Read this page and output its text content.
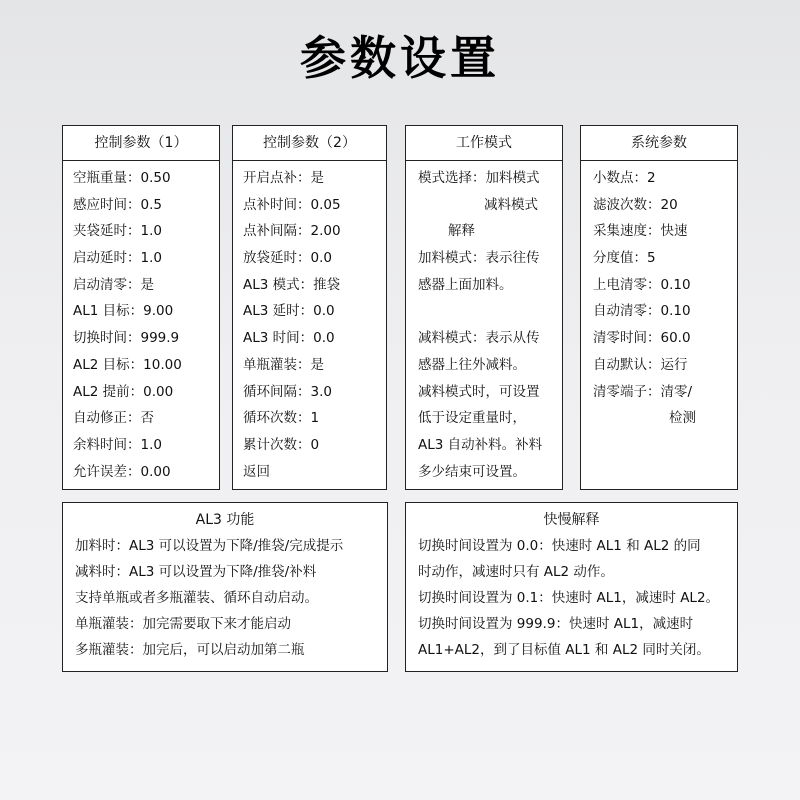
参数设置
控制参数（1）
空瓶重量：0.50
感应时间：0.5
夹袋延时：1.0
启动延时：1.0
启动清零：是
AL1 目标：9.00
切换时间：999.9
AL2 目标：10.00
AL2 提前：0.00
自动修正：否
余料时间：1.0
允许误差：0.00
控制参数（2）
开启点补：是
点补时间：0.05
点补间隔：2.00
放袋延时：0.0
AL3 模式：推袋
AL3 延时：0.0
AL3 时间：0.0
单瓶灌装：是
循环间隔：3.0
循环次数：1
累计次数：0
返回
工作模式
模式选择：加料模式
减料模式
解释
加料模式：表示往传
感器上面加料。
减料模式：表示从传
感器上往外减料。
减料模式时，可设置
低于设定重量时，
AL3 自动补料。补料
多少结束可设置。
系统参数
小数点：2
滤波次数：20
采集速度：快速
分度值：5
上电清零：0.10
自动清零：0.10
清零时间：60.0
自动默认：运行
清零端子：清零/
检测
AL3 功能
加料时：AL3 可以设置为下降/推袋/完成提示
减料时：AL3 可以设置为下降/推袋/补料
支持单瓶或者多瓶灌装、循环自动启动。
单瓶灌装：加完需要取下来才能启动
多瓶灌装：加完后，可以启动加第二瓶
快慢解释
切换时间设置为 0.0：快速时 AL1 和 AL2 的同
时动作，减速时只有 AL2 动作。
切换时间设置为 0.1：快速时 AL1，减速时 AL2。
切换时间设置为 999.9：快速时 AL1，减速时
AL1+AL2，到了目标值 AL1 和 AL2 同时关闭。
